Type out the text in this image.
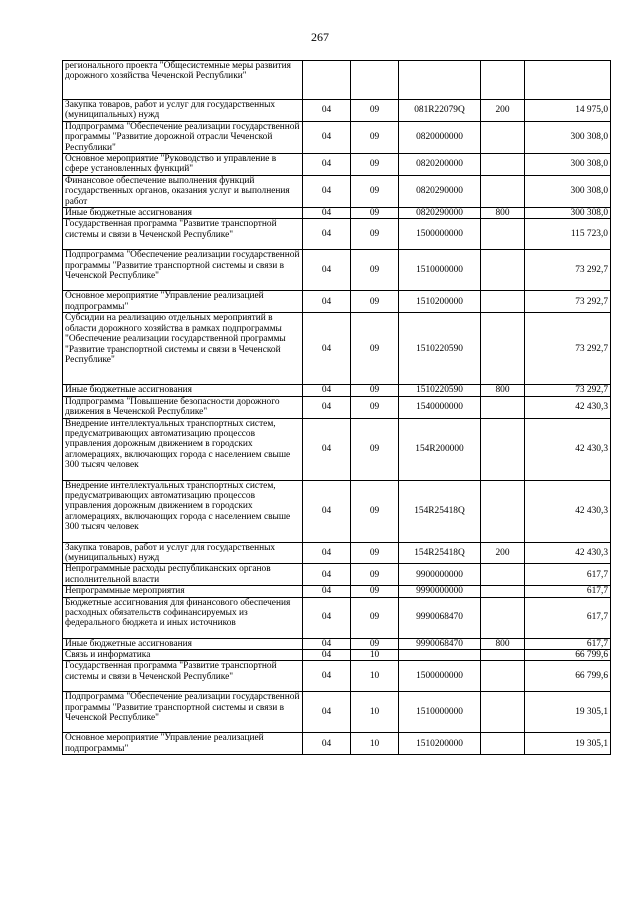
267
регионального проекта "Общесистемные меры развития дорожного хозяйства Чеченской Республики"					
Закупка товаров, работ и услуг для государственных (муниципальных) нужд	04	09	081R22079Q	200	14 975,0
Подпрограмма "Обеспечение реализации государственной программы "Развитие дорожной отрасли Чеченской Республики"	04	09	0820000000		300 308,0
Основное мероприятие "Руководство и управление в сфере установленных функций"	04	09	0820200000		300 308,0
Финансовое обеспечение выполнения функций государственных органов, оказания услуг и выполнения работ	04	09	0820290000		300 308,0
Иные бюджетные ассигнования	04	09	0820290000	800	300 308,0
Государственная программа "Развитие транспортной системы и связи в Чеченской Республике"	04	09	1500000000		115 723,0
Подпрограмма "Обеспечение реализации государственной программы "Развитие транспортной системы и связи в Чеченской Республике"	04	09	1510000000		73 292,7
Основное мероприятие "Управление реализацией подпрограммы"	04	09	1510200000		73 292,7
Субсидии на реализацию отдельных мероприятий в области дорожного хозяйства в рамках подпрограммы "Обеспечение реализации государственной программы "Развитие транспортной системы и связи в Чеченской Республике"	04	09	1510220590		73 292,7
Иные бюджетные ассигнования	04	09	1510220590	800	73 292,7
Подпрограмма "Повышение безопасности дорожного движения в Чеченской Республике"	04	09	1540000000		42 430,3
Внедрение интеллектуальных транспортных систем, предусматривающих автоматизацию процессов управления дорожным движением в городских агломерациях, включающих города с населением свыше 300 тысяч человек	04	09	154R200000		42 430,3
Внедрение интеллектуальных транспортных систем, предусматривающих автоматизацию процессов управления дорожным движением в городских агломерациях, включающих города с населением свыше 300 тысяч человек	04	09	154R25418Q		42 430,3
Закупка товаров, работ и услуг для государственных (муниципальных) нужд	04	09	154R25418Q	200	42 430,3
Непрограммные расходы республиканских органов исполнительной власти	04	09	9900000000		617,7
Непрограммные мероприятия	04	09	9990000000		617,7
Бюджетные ассигнования для финансового обеспечения расходных обязательств софинансируемых из федерального бюджета и иных источников	04	09	9990068470		617,7
Иные бюджетные ассигнования	04	09	9990068470	800	617,7
Связь и информатика	04	10			66 799,6
Государственная программа "Развитие транспортной системы и связи в Чеченской Республике"	04	10	1500000000		66 799,6
Подпрограмма "Обеспечение реализации государственной программы "Развитие транспортной системы и связи в Чеченской Республике"	04	10	1510000000		19 305,1
Основное мероприятие "Управление реализацией подпрограммы"	04	10	1510200000		19 305,1
